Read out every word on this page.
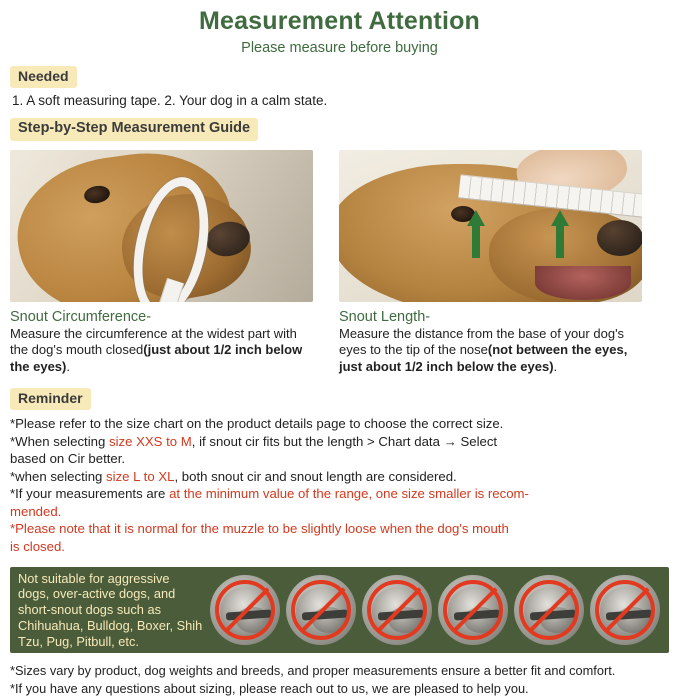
Measurement Attention
Please measure before buying
Needed
1. A soft measuring tape. 2. Your dog in a calm state.
Step-by-Step Measurement Guide
Snout Circumference-
Measure the circumference at the widest part with the dog's mouth closed(just about 1/2 inch below the eyes).
Snout Length-
Measure the distance from the base of your dog's eyes to the tip of the nose(not between the eyes, just about 1/2 inch below the eyes).
Reminder
*Please refer to the size chart on the product details page to choose the correct size.
*When selecting size XXS to M, if snout cir fits but the length > Chart data → Select
based on Cir better.
*when selecting size L to XL, both snout cir and snout length are considered.
*If your measurements are at the minimum value of the range, one size smaller is recom-
mended.
*Please note that it is normal for the muzzle to be slightly loose when the dog's mouth
is closed.
Not suitable for aggressive dogs, over-active dogs, and short-snout dogs such as Chihuahua, Bulldog, Boxer, Shih Tzu, Pug, Pitbull, etc.
*Sizes vary by product, dog weights and breeds, and proper measurements ensure a better fit and comfort.
*If you have any questions about sizing, please reach out to us, we are pleased to help you.
